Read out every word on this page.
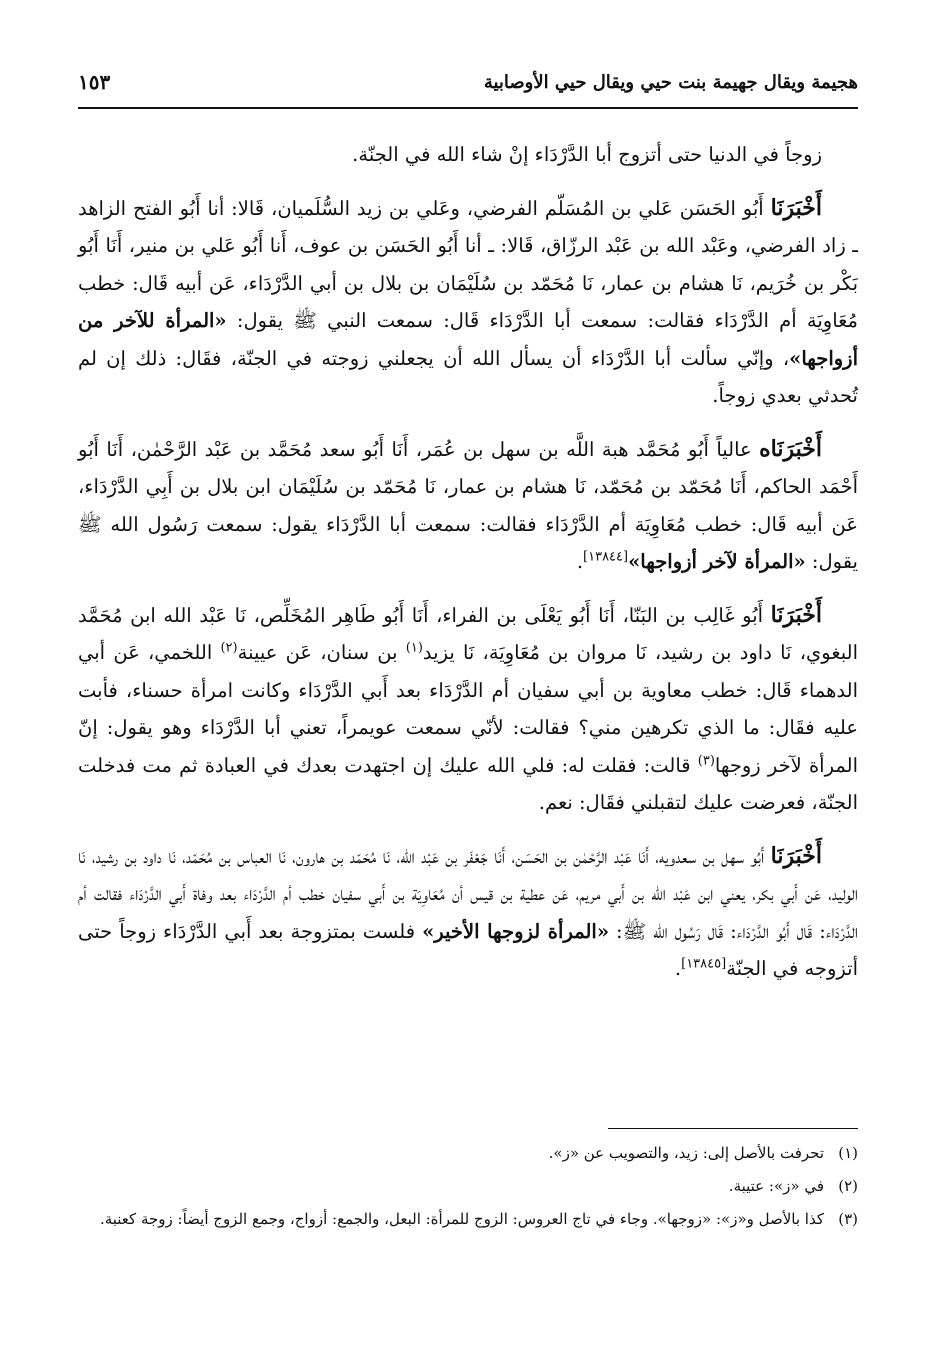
هجيمة ويقال جهيمة بنت حيي ويقال حيي الأوصابية
١٥٣

زوجاً في الدنيا حتى أتزوج أبا الدَّرْدَاء إنْ شاء الله في الجنّة.

أَخْبَرَنَا أَبُو الحَسَن عَلي بن المُسَلّم الفرضي، وعَلي بن زيد السُّلَميان، قَالا: أنا أَبُو الفتح الزاهد ـ زاد الفرضي، وعَبْد الله بن عَبْد الرزّاق، قَالا: ـ أنا أَبُو الحَسَن بن عوف، أَنا أَبُو عَلي بن منير، أَنَا أَبُو بَكْر بن خُرَيم، نَا هشام بن عمار، نَا مُحَمّد بن سُلَيْمَان بن بلال بن أبي الدَّرْدَاء، عَن أبيه قَال: خطب مُعَاوِيَة أم الدَّرْدَاء فقالت: سمعت أبا الدَّرْدَاء قَال: سمعت النبي ﷺ يقول: «المرأة للآخر من أزواجها»، وإنّي سألت أبا الدَّرْدَاء أن يسأل الله أن يجعلني زوجته في الجنّة، فقَال: ذلك إن لم تُحدثي بعدي زوجاً.

أَخْبَرَنَاه عالياً أَبُو مُحَمَّد هبة اللَّه بن سهل بن عُمَر، أَنَا أَبُو سعد مُحَمَّد بن عَبْد الرَّحْمٰن، أَنَا أَبُو أَحْمَد الحاكم، أَنَا مُحَمّد بن مُحَمّد، نَا هشام بن عمار، نَا مُحَمّد بن سُلَيْمَان ابن بلال بن أَبِي الدَّرْدَاء، عَن أبيه قَال: خطب مُعَاوِيَة أم الدَّرْدَاء فقالت: سمعت أبا الدَّرْدَاء يقول: سمعت رَسُول الله ﷺ يقول: «المرأة لآخر أزواجها»[١٣٨٤٤].

أَخْبَرَنَا أَبُو غَالِب بن البَنّا، أَنَا أَبُو يَعْلَى بن الفراء، أَنَا أَبُو طَاهِر المُخَلِّص، نَا عَبْد الله ابن مُحَمَّد البغوي، نَا داود بن رشيد، نَا مروان بن مُعَاوِيَة، نَا يزيد$^{(١)}$ بن سنان، عَن عيينة$^{(٢)}$ اللخمي، عَن أبي الدهماء قَال: خطب معاوية بن أبي سفيان أم الدَّرْدَاء بعد أَبي الدَّرْدَاء وكانت امرأة حسناء، فأبت عليه فقَال: ما الذي تكرهين مني؟ فقالت: لأنّي سمعت عويمراً، تعني أبا الدَّرْدَاء وهو يقول: إنّ المرأة لآخر زوجها$^{(٣)}$ قالت: فقلت له: فلي الله عليك إن اجتهدت بعدك في العبادة ثم مت فدخلت الجنّة، فعرضت عليك لتقبلني فقَال: نعم.

أَخْبَرَنَا أَبُو سهل بن سعدويه، أَنَا عَبْد الرَّحْمٰن بن الحَسَن، أَنَا جَعْفَر بن عَبْد الله، نَا مُحَمّد بن هارون، نَا العباس بن مُحَمّد، نَا داود بن رشيد، نَا الوليد، عَن أَبي بكر، يعني ابن عَبْد اللّه بن أَبي مريم، عَن عطية بن قيس أن مُعَاوِيَة بن أَبي سفيان خطب أم الدَّرْدَاء بعد وفاة أَبي الدَّرْدَاء فقالت أم الدَّرْدَاء: قَال أَبُو الدَّرْدَاء: قَال رَسُول الله ﷺ: «المرأة لزوجها الأخير» فلست بمتزوجة بعد أَبي الدَّرْدَاء زوجاً حتى أتزوجه في الجنّة[١٣٨٤٥].

(١)
تحرفت بالأصل إلى: زيد، والتصويب عن «ز».
(٢)
في «ز»: عتيبة.
(٣)
كذا بالأصل و«ز»: «زوجها». وجاء في تاج العروس: الزوج للمرأة: البعل، والجمع: أزواج، وجمع الزوج أيضاً: زوجة كعنبة.
